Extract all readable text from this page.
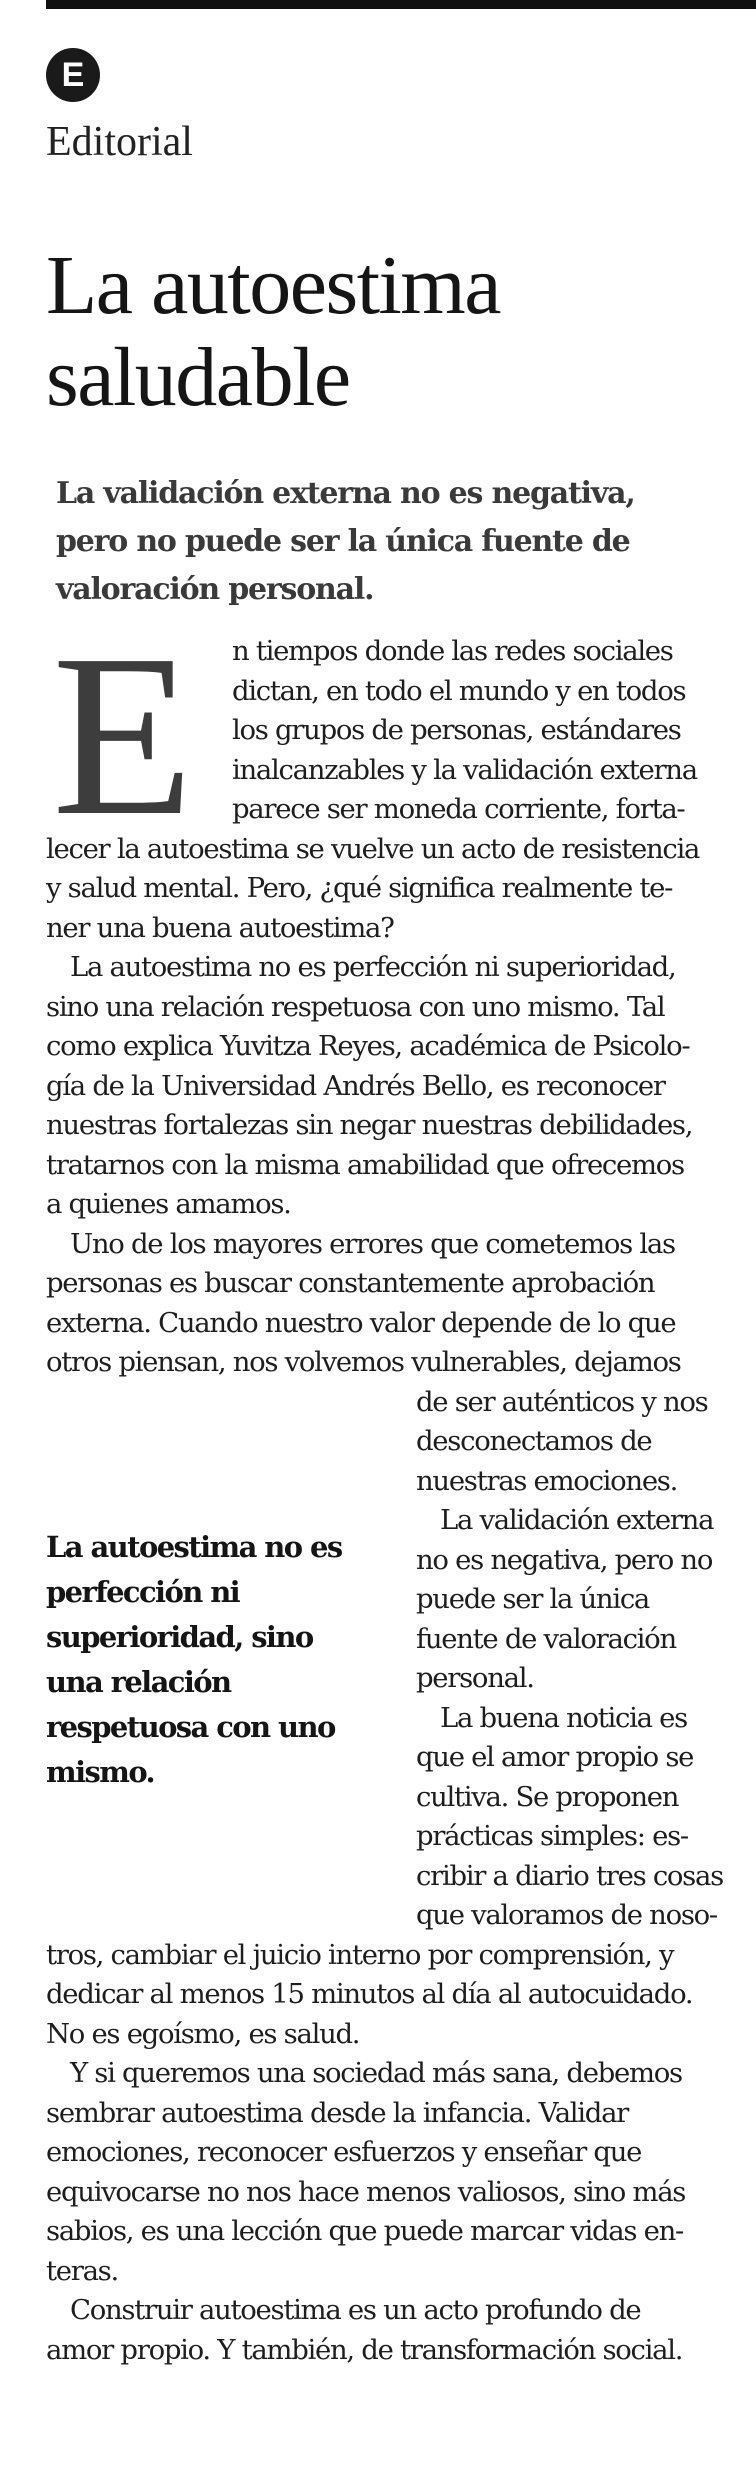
E
Editorial
La autoestima
saludable
La validación externa no es negativa,
pero no puede ser la única fuente de
valoración personal.
E	n tiempos donde las redes sociales
dictan, en todo el mundo y en todos
los grupos de personas, estándares
inalcanzables y la validación externa
parece ser moneda corriente, forta-
lecer la autoestima se vuelve un acto de resistencia
y salud mental. Pero, ¿qué significa realmente te-
ner una buena autoestima?
La autoestima no es perfección ni superioridad,
sino una relación respetuosa con uno mismo. Tal
como explica Yuvitza Reyes, académica de Psicolo-
gía de la Universidad Andrés Bello, es reconocer
nuestras fortalezas sin negar nuestras debilidades,
tratarnos con la misma amabilidad que ofrecemos
a quienes amamos.
Uno de los mayores errores que cometemos las
personas es buscar constantemente aprobación
externa. Cuando nuestro valor depende de lo que
otros piensan, nos volvemos vulnerables, dejamos
de ser auténticos y nos
desconectamos de
nuestras emociones.
La validación externa
no es negativa, pero no
puede ser la única
fuente de valoración
personal.
La buena noticia es
que el amor propio se
cultiva. Se proponen
prácticas simples: es-
cribir a diario tres cosas
que valoramos de noso-
tros, cambiar el juicio interno por comprensión, y
dedicar al menos 15 minutos al día al autocuidado.
No es egoísmo, es salud.
Y si queremos una sociedad más sana, debemos
sembrar autoestima desde la infancia. Validar
emociones, reconocer esfuerzos y enseñar que
equivocarse no nos hace menos valiosos, sino más
sabios, es una lección que puede marcar vidas en-
teras.
Construir autoestima es un acto profundo de
amor propio. Y también, de transformación social.
La autoestima no es
perfección ni
superioridad, sino
una relación
respetuosa con uno
mismo.
